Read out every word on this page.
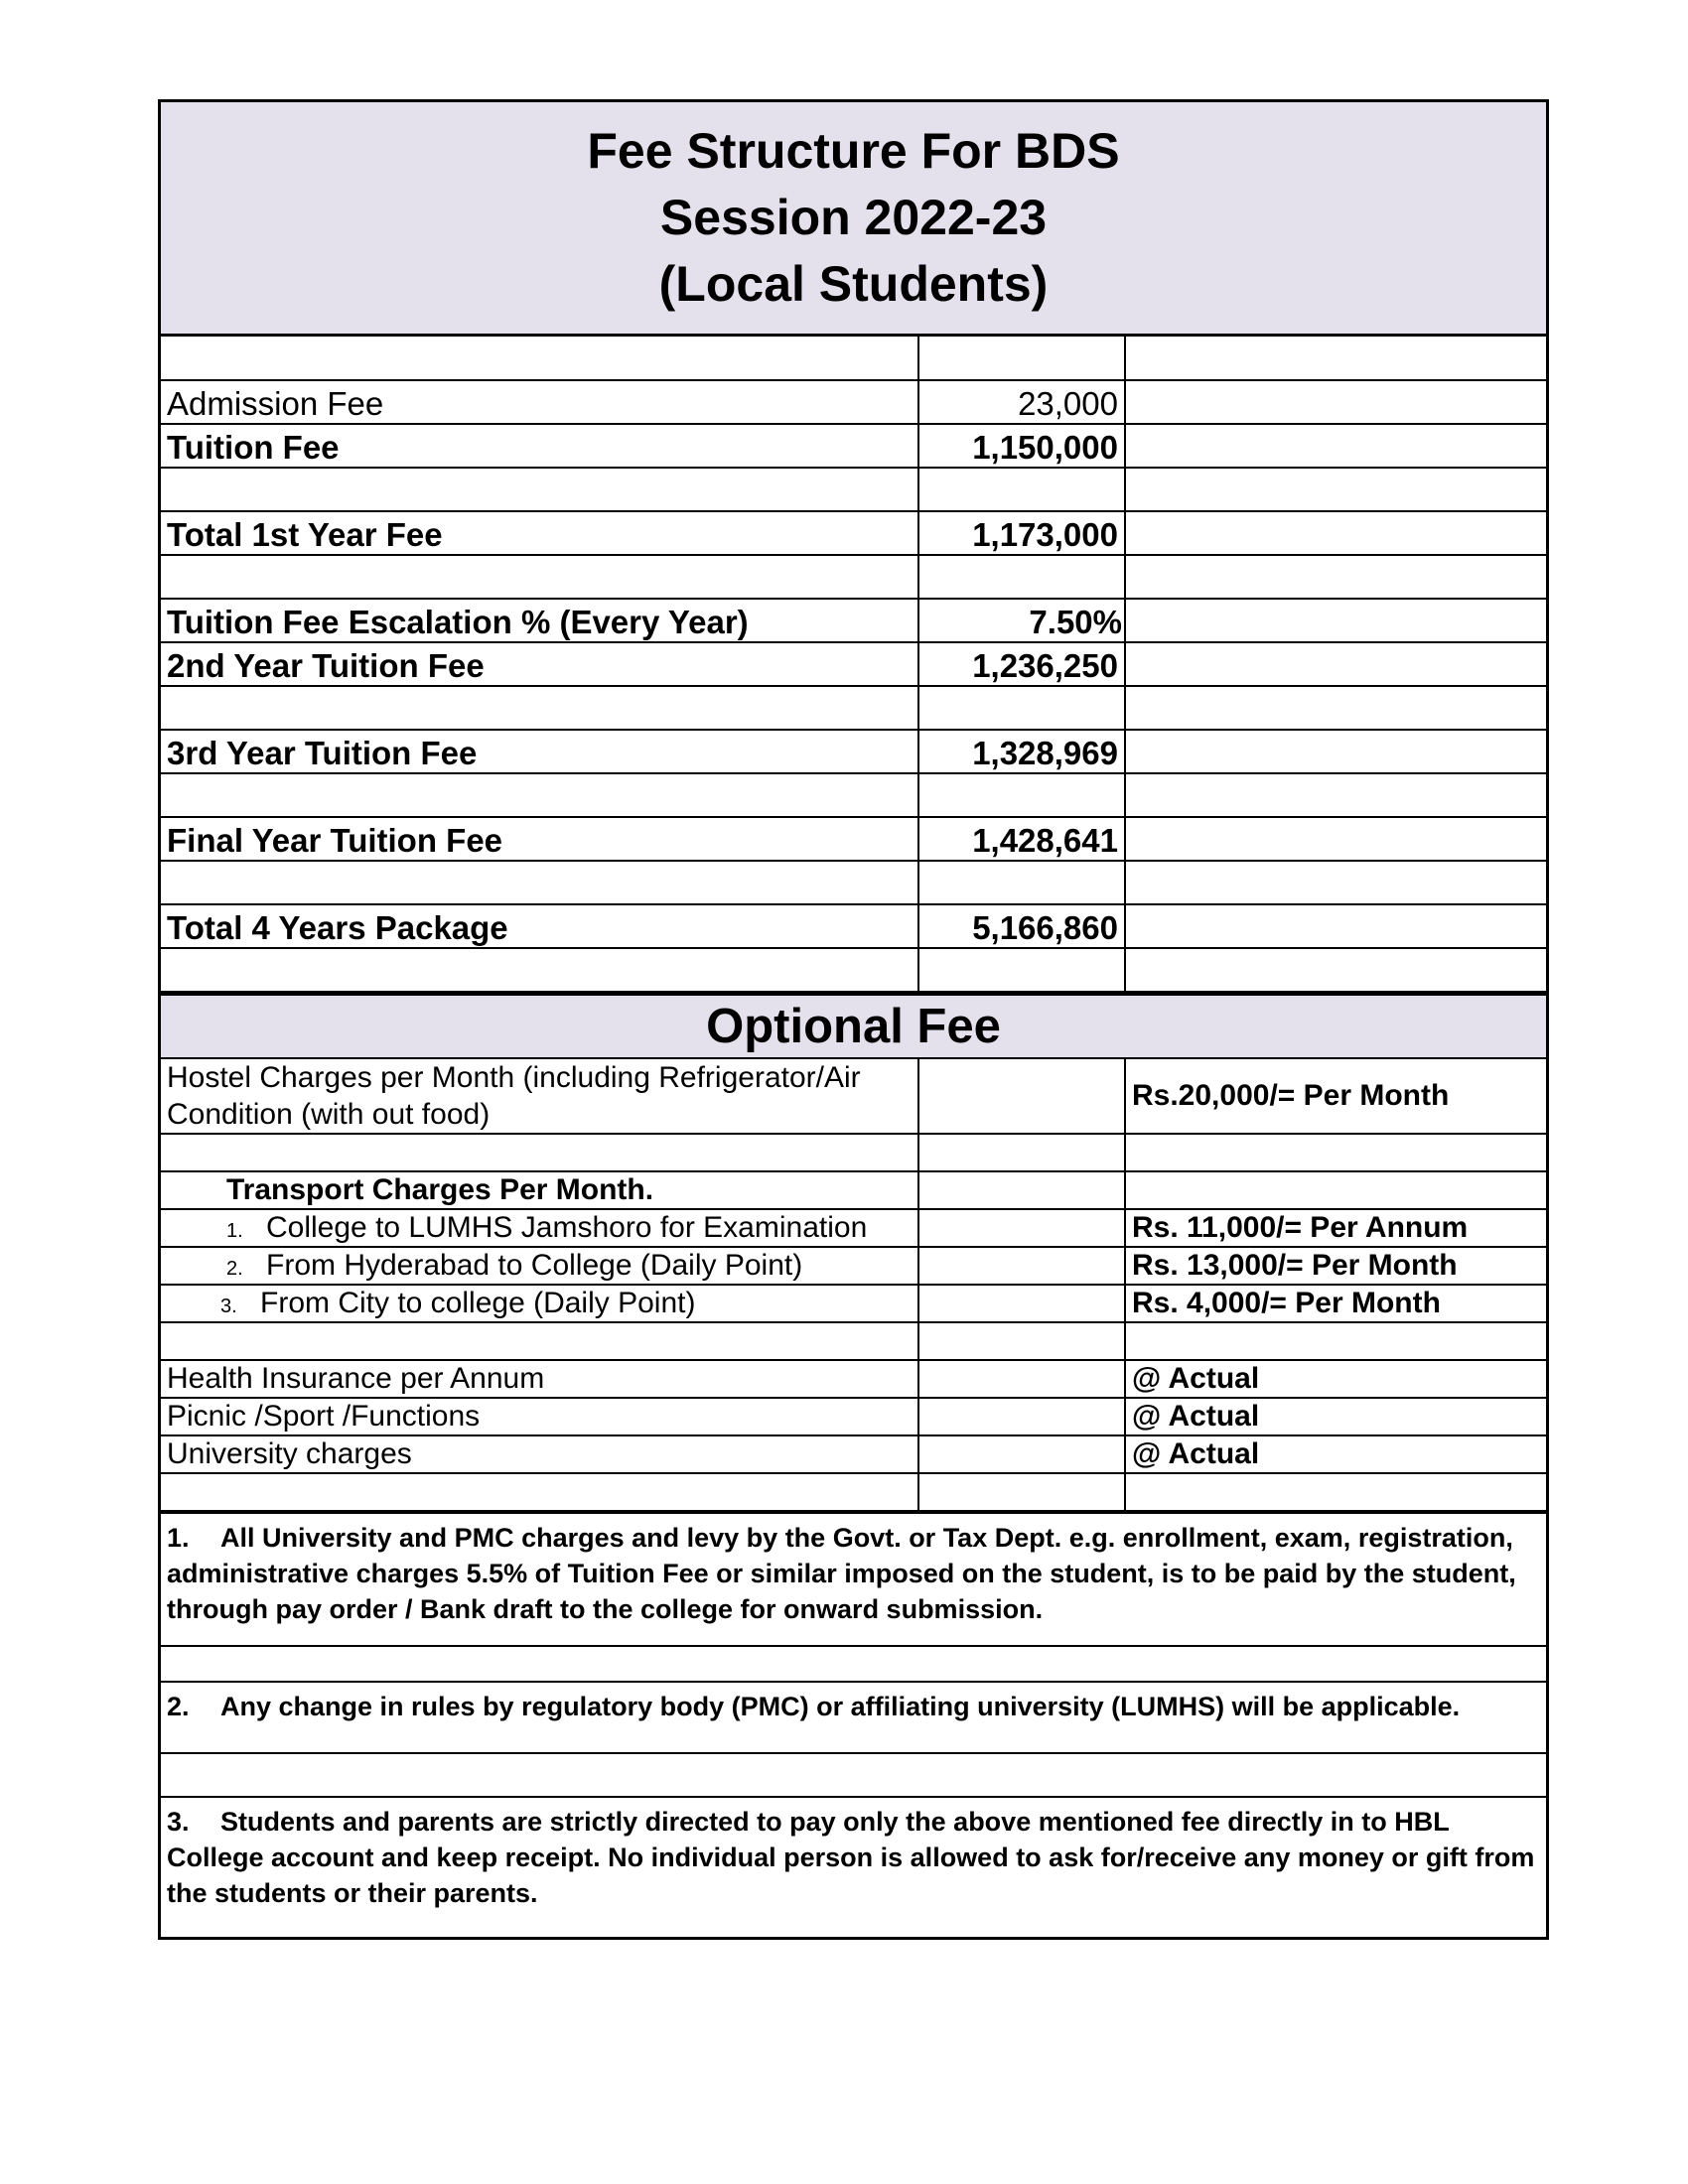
Fee Structure For BDS
Session 2022-23
(Local Students)

Admission Fee	23,000	
Tuition Fee	1,150,000	

Total 1st Year Fee	1,173,000	

Tuition Fee Escalation % (Every Year)	7.50%	
2nd Year Tuition Fee	1,236,250	

3rd Year Tuition Fee	1,328,969	

Final Year Tuition Fee	1,428,641	

Total 4 Years Package	5,166,860	

Optional Fee
Hostel Charges per Month (including Refrigerator/Air Condition (with out food)		Rs.20,000/= Per Month

Transport Charges Per Month.		
1. College to LUMHS Jamshoro for Examination		Rs. 11,000/= Per Annum
2. From Hyderabad to College (Daily Point)		Rs. 13,000/= Per Month
3. From City to college (Daily Point)		Rs. 4,000/= Per Month

Health Insurance per Annum		@ Actual
Picnic /Sport /Functions		@ Actual
University charges		@ Actual

1. All University and PMC charges and levy by the Govt. or Tax Dept. e.g. enrollment, exam, registration, administrative charges 5.5% of Tuition Fee or similar imposed on the student, is to be paid by the student, through pay order / Bank draft to the college for onward submission.
2. Any change in rules by regulatory body (PMC) or affiliating university (LUMHS) will be applicable.
3. Students and parents are strictly directed to pay only the above mentioned fee directly in to HBL College account and keep receipt. No individual person is allowed to ask for/receive any money or gift from the students or their parents.
